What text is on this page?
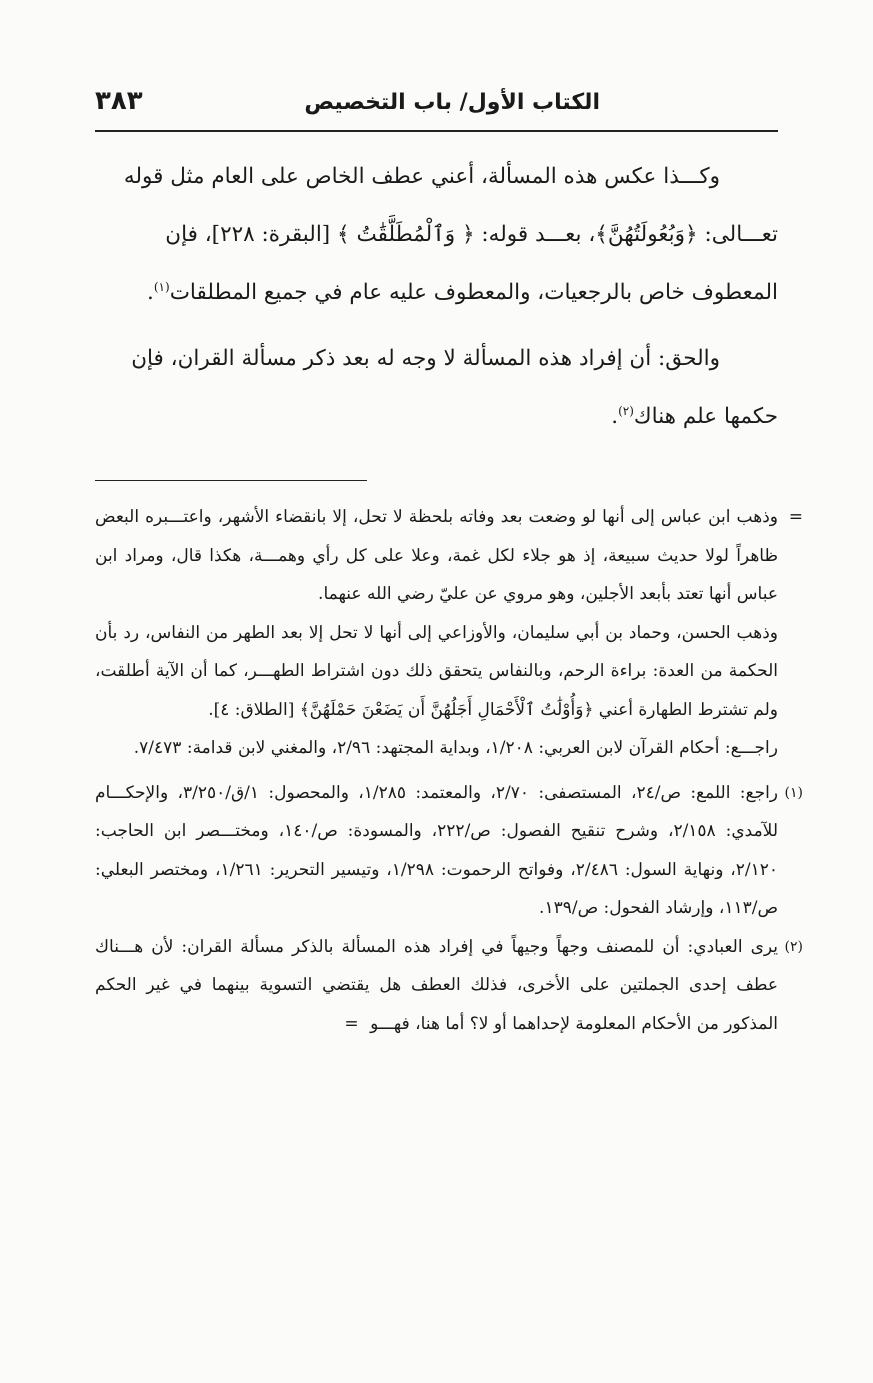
الكتاب الأول/ باب التخصيص
٣٨٣

وكـــذا عكس هذه المسألة، أعني عطف الخاص على العام مثل قوله
تعـــالى: ﴿وَبُعُولَتُهُنَّ﴾، بعـــد قوله: ﴿ وَٱلْمُطَلَّقَٰتُ ﴾ [البقرة: ٢٢٨]، فإن
المعطوف خاص بالرجعيات، والمعطوف عليه عام في جميع المطلقات$^{(١)}$.

والحق: أن إفراد هذه المسألة لا وجه له بعد ذكر مسألة القران، فإن
حكمها علم هناك$^{(٢)}$.

=
وذهب ابن عباس إلى أنها لو وضعت بعد وفاته بلحظة لا تحل، إلا بانقضاء الأشهر، واعتـــبره البعض ظاهراً لولا حديث سبيعة، إذ هو جلاء لكل غمة، وعلا على كل رأي وهمـــة، هكذا قال، ومراد ابن عباس أنها تعتد بأبعد الأجلين، وهو مروي عن عليّ رضي الله عنهما.

وذهب الحسن، وحماد بن أبي سليمان، والأوزاعي إلى أنها لا تحل إلا بعد الطهر من النفاس، رد بأن الحكمة من العدة: براءة الرحم، وبالنفاس يتحقق ذلك دون اشتراط الطهـــر، كما أن الآية أطلقت، ولم تشترط الطهارة أعني ﴿وَأُوْلَٰتُ ٱلْأَحْمَالِ أَجَلُهُنَّ أَن يَضَعْنَ حَمْلَهُنَّ﴾ [الطلاق: ٤].

راجـــع: أحكام القرآن لابن العربي: ١/٢٠٨، وبداية المجتهد: ٢/٩٦، والمغني لابن قدامة: ٧/٤٧٣.

(١)
راجع: اللمع: ص/٢٤، المستصفى: ٢/٧٠، والمعتمد: ١/٢٨٥، والمحصول: ١/ق/٣/٢٥٠، والإحكـــام للآمدي: ٢/١٥٨، وشرح تنقيح الفصول: ص/٢٢٢، والمسودة: ص/١٤٠، ومختـــصر ابن الحاجب: ٢/١٢٠، ونهاية السول: ٢/٤٨٦، وفواتح الرحموت: ١/٢٩٨، وتيسير التحرير: ١/٢٦١، ومختصر البعلي: ص/١١٣، وإرشاد الفحول: ص/١٣٩.

(٢)
يرى العبادي: أن للمصنف وجهاً وجيهاً في إفراد هذه المسألة بالذكر مسألة القران: لأن هـــناك عطف إحدى الجملتين على الأخرى، فذلك العطف هل يقتضي التسوية بينهما في غير الحكم المذكور من الأحكام المعلومة لإحداهما أو لا؟ أما هنا، فهـــو =
